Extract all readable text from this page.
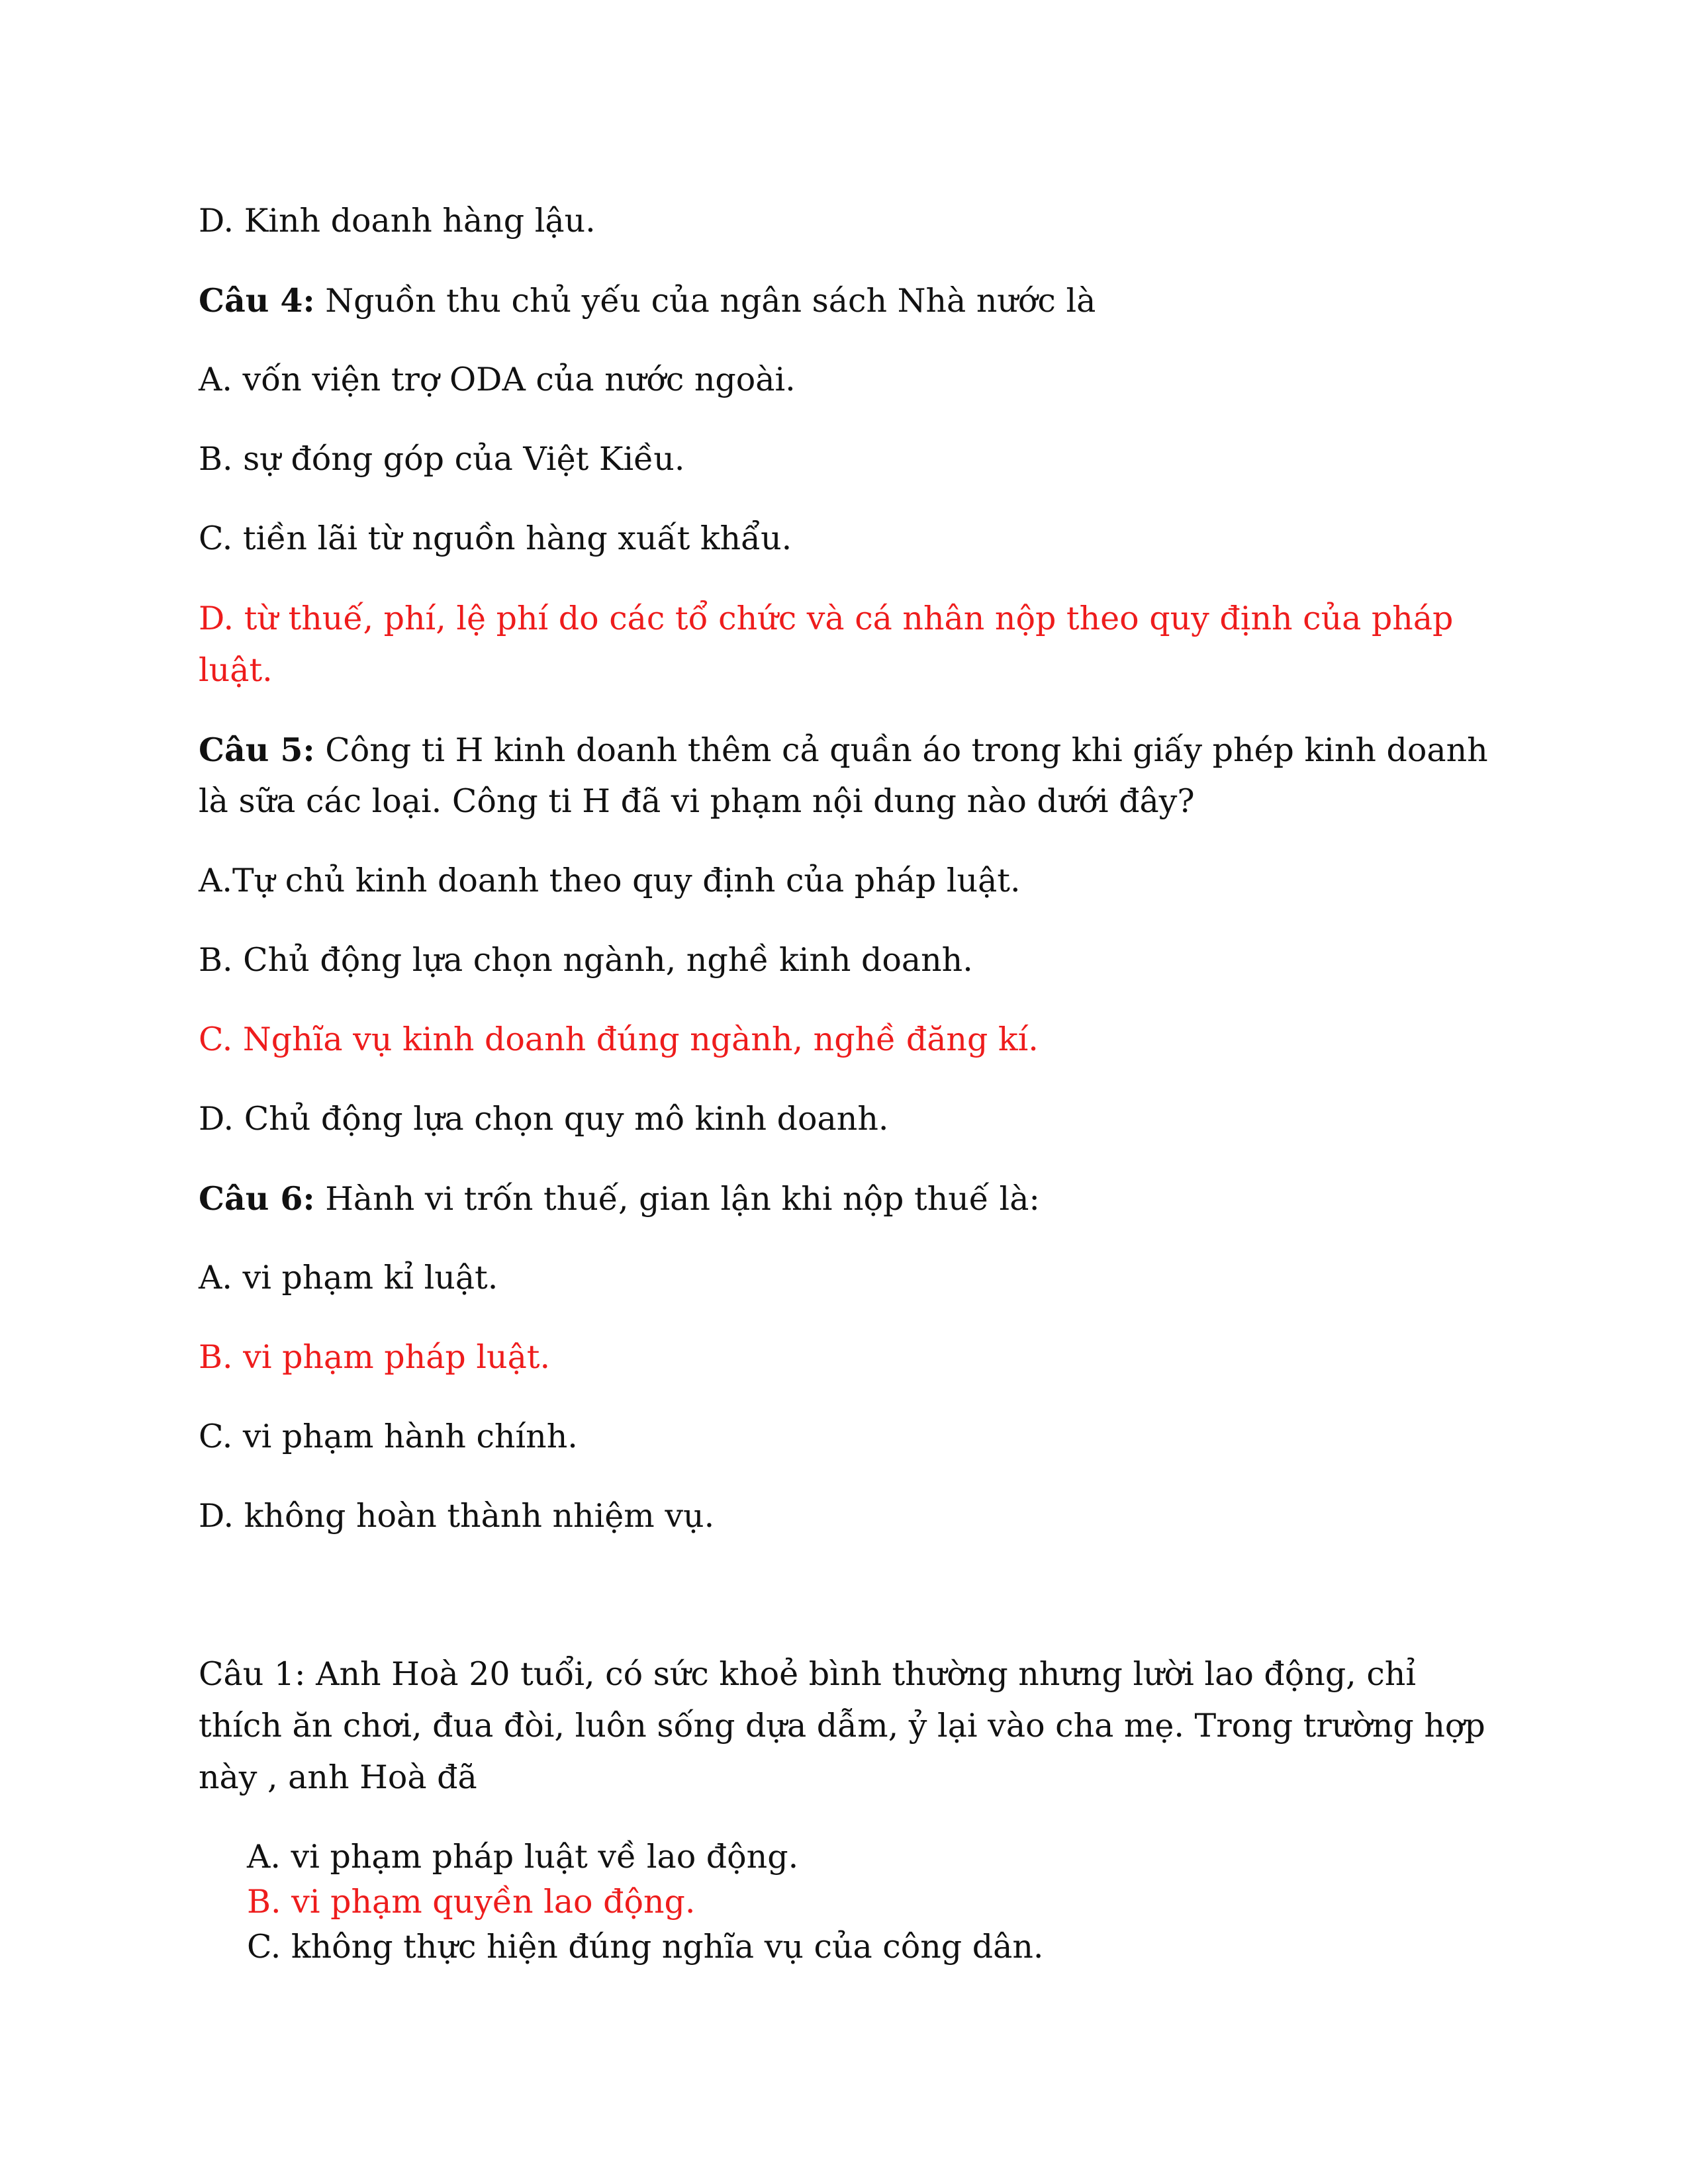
D. Kinh doanh hàng lậu.

Câu 4: Nguồn thu chủ yếu của ngân sách Nhà nước là

A. vốn viện trợ ODA của nước ngoài.

B. sự đóng góp của Việt Kiều.

C. tiền lãi từ nguồn hàng xuất khẩu.

D. từ thuế, phí, lệ phí do các tổ chức và cá nhân nộp theo quy định của pháp

luật.

Câu 5: Công ti H kinh doanh thêm cả quần áo trong khi giấy phép kinh doanh

là sữa các loại. Công ti H đã vi phạm nội dung nào dưới đây?

A.Tự chủ kinh doanh theo quy định của pháp luật.

B. Chủ động lựa chọn ngành, nghề kinh doanh.

C. Nghĩa vụ kinh doanh đúng ngành, nghề đăng kí.

D. Chủ động lựa chọn quy mô kinh doanh.

Câu 6: Hành vi trốn thuế, gian lận khi nộp thuế là:

A. vi phạm kỉ luật.

B. vi phạm pháp luật.

C. vi phạm hành chính.

D. không hoàn thành nhiệm vụ.

Câu 1: Anh Hoà 20 tuổi, có sức khoẻ bình thường nhưng lười lao động, chỉ

thích ăn chơi, đua đòi, luôn sống dựa dẫm, ỷ lại vào cha mẹ. Trong trường hợp

này , anh Hoà đã

A. vi phạm pháp luật về lao động.

B. vi phạm quyền lao động.

C. không thực hiện đúng nghĩa vụ của công dân.
